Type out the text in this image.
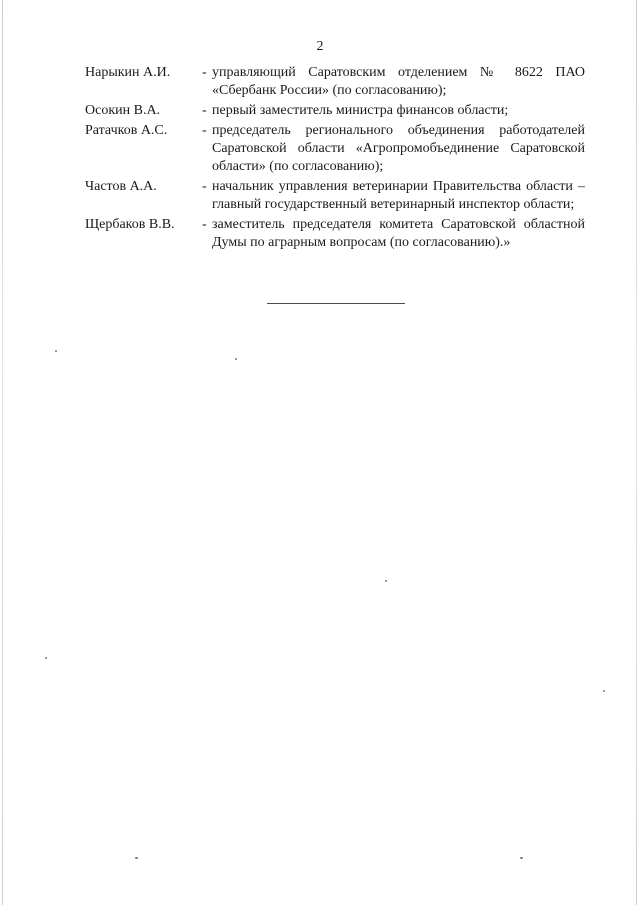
2
Нарыкин А.И.	- управляющий Саратовским отделением № 8622 ПАО «Сбербанк России» (по согласованию);
Осокин В.А.	- первый заместитель министра финансов области;
Ратачков А.С.	- председатель регионального объединения работодателей Саратовской области «Агропромобъединение Саратовской области» (по согласованию);
Частов А.А.	- начальник управления ветеринарии Правительства области – главный государственный ветеринарный инспектор области;
Щербаков В.В.	- заместитель председателя комитета Саратовской областной Думы по аграрным вопросам (по согласованию).»
